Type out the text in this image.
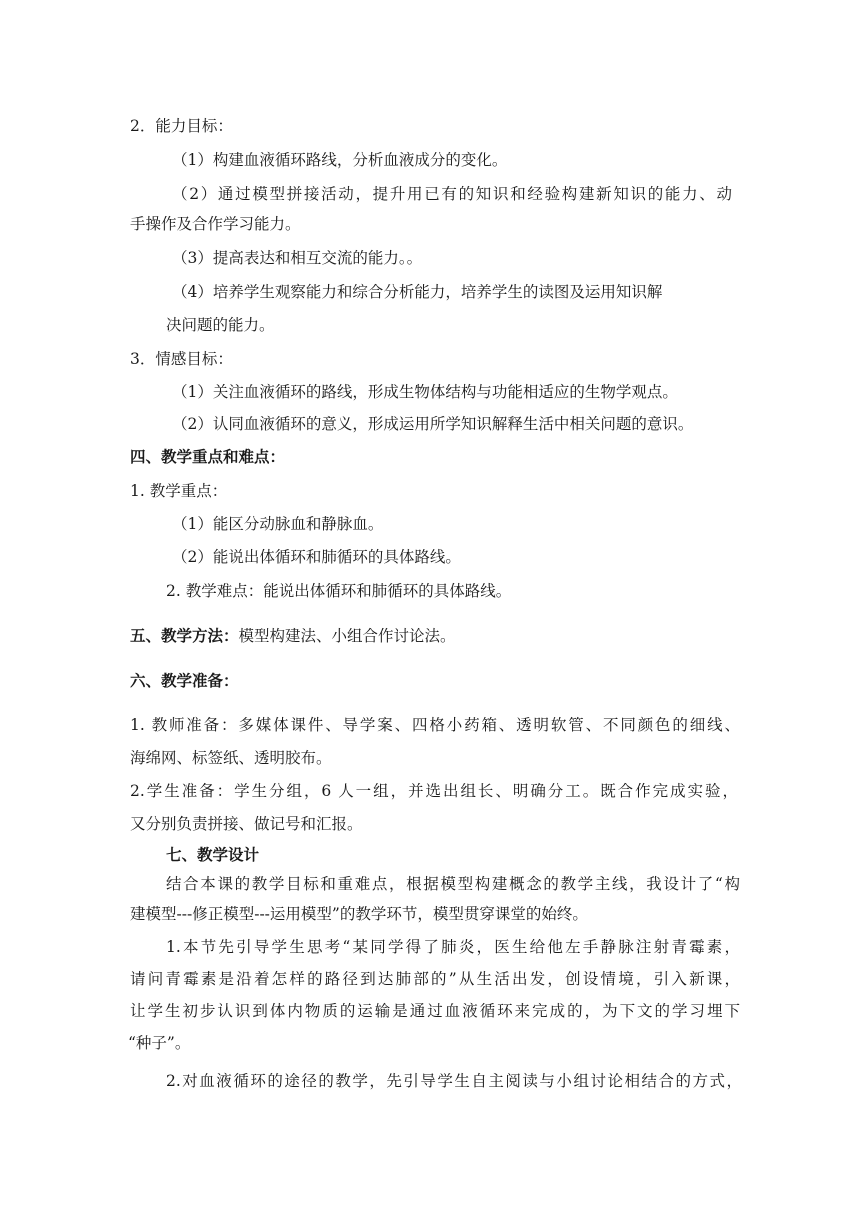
2．能力目标：
（1）构建血液循环路线，分析血液成分的变化。
（2）通过模型拼接活动，提升用已有的知识和经验构建新知识的能力、动
手操作及合作学习能力。
（3）提高表达和相互交流的能力。。
（4）培养学生观察能力和综合分析能力，培养学生的读图及运用知识解
决问题的能力。
3．情感目标：
（1）关注血液循环的路线，形成生物体结构与功能相适应的生物学观点。
（2）认同血液循环的意义，形成运用所学知识解释生活中相关问题的意识。
四、教学重点和难点：
1. 教学重点：
（1）能区分动脉血和静脉血。
（2）能说出体循环和肺循环的具体路线。
2. 教学难点：能说出体循环和肺循环的具体路线。
五、教学方法：模型构建法、小组合作讨论法。
六、教学准备：
1. 教师准备：多媒体课件、导学案、四格小药箱、透明软管、不同颜色的细线、
海绵网、标签纸、透明胶布。
2.学生准备：学生分组，6 人一组，并选出组长、明确分工。既合作完成实验，
又分别负责拼接、做记号和汇报。
七、教学设计
结合本课的教学目标和重难点，根据模型构建概念的教学主线，我设计了“构
建模型---修正模型---运用模型”的教学环节，模型贯穿课堂的始终。
1.本节先引导学生思考“某同学得了肺炎，医生给他左手静脉注射青霉素，
请问青霉素是沿着怎样的路径到达肺部的”从生活出发，创设情境，引入新课，
让学生初步认识到体内物质的运输是通过血液循环来完成的，为下文的学习埋下
“种子”。
2.对血液循环的途径的教学，先引导学生自主阅读与小组讨论相结合的方式，
